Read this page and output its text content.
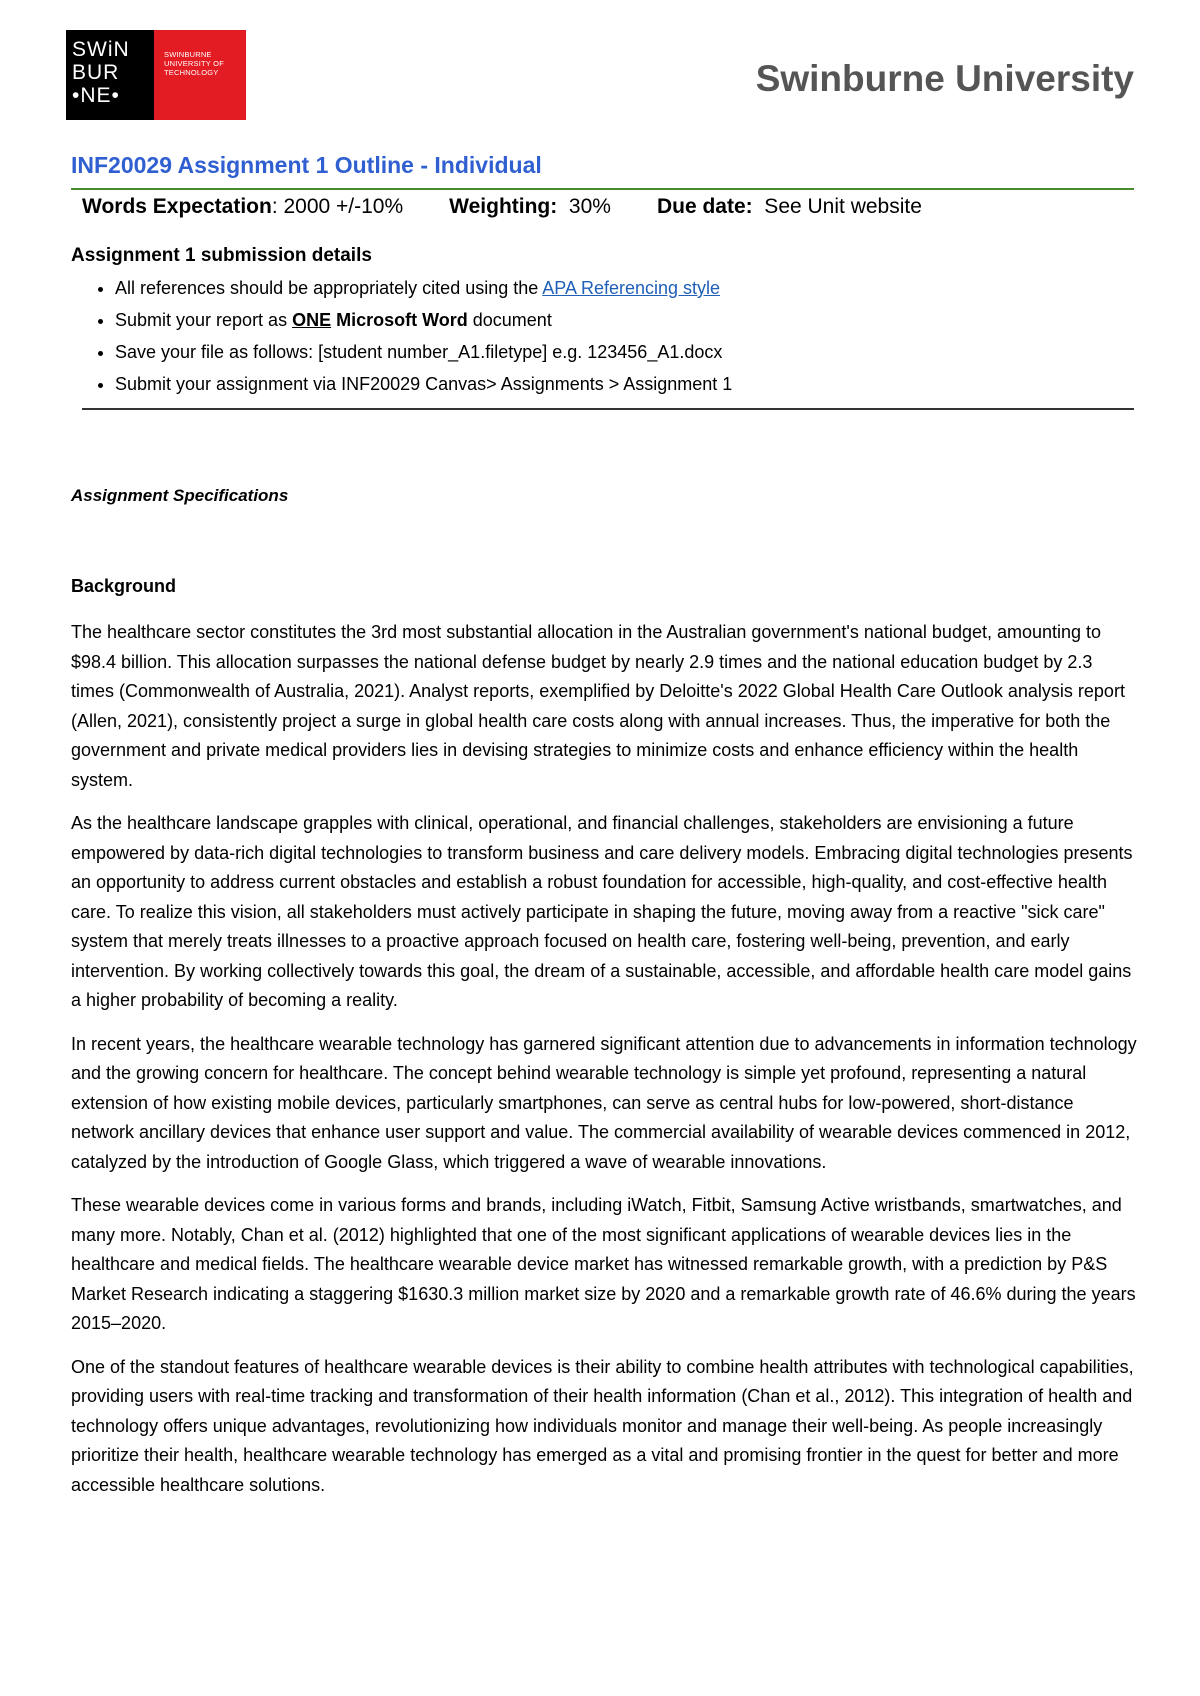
SWiN
BUR
•NE•
SWINBURNE
UNIVERSITY OF
TECHNOLOGY	Swinburne University
INF20029 Assignment 1 Outline - Individual
Words Expectation: 2000 +/-10% Weighting:  30% Due date:  See Unit website
Assignment 1 submission details
• All references should be appropriately cited using the APA Referencing style
• Submit your report as ONE Microsoft Word document
• Save your file as follows: [student number_A1.filetype] e.g. 123456_A1.docx
• Submit your assignment via INF20029 Canvas> Assignments > Assignment 1
Assignment Specifications
Background

The healthcare sector constitutes the 3rd most substantial allocation in the Australian government's national budget, amounting to $98.4 billion. This allocation surpasses the national defense budget by nearly 2.9 times and the national education budget by 2.3 times (Commonwealth of Australia, 2021). Analyst reports, exemplified by Deloitte's 2022 Global Health Care Outlook analysis report (Allen, 2021), consistently project a surge in global health care costs along with annual increases. Thus, the imperative for both the government and private medical providers lies in devising strategies to minimize costs and enhance efficiency within the health system.

As the healthcare landscape grapples with clinical, operational, and financial challenges, stakeholders are envisioning a future empowered by data-rich digital technologies to transform business and care delivery models. Embracing digital technologies presents an opportunity to address current obstacles and establish a robust foundation for accessible, high-quality, and cost-effective health care. To realize this vision, all stakeholders must actively participate in shaping the future, moving away from a reactive "sick care" system that merely treats illnesses to a proactive approach focused on health care, fostering well-being, prevention, and early intervention. By working collectively towards this goal, the dream of a sustainable, accessible, and affordable health care model gains a higher probability of becoming a reality.

In recent years, the healthcare wearable technology has garnered significant attention due to advancements in information technology and the growing concern for healthcare. The concept behind wearable technology is simple yet profound, representing a natural extension of how existing mobile devices, particularly smartphones, can serve as central hubs for low-powered, short-distance network ancillary devices that enhance user support and value. The commercial availability of wearable devices commenced in 2012, catalyzed by the introduction of Google Glass, which triggered a wave of wearable innovations.

These wearable devices come in various forms and brands, including iWatch, Fitbit, Samsung Active wristbands, smartwatches, and many more. Notably, Chan et al. (2012) highlighted that one of the most significant applications of wearable devices lies in the healthcare and medical fields. The healthcare wearable device market has witnessed remarkable growth, with a prediction by P&S Market Research indicating a staggering $1630.3 million market size by 2020 and a remarkable growth rate of 46.6% during the years 2015–2020.

One of the standout features of healthcare wearable devices is their ability to combine health attributes with technological capabilities, providing users with real-time tracking and transformation of their health information (Chan et al., 2012). This integration of health and technology offers unique advantages, revolutionizing how individuals monitor and manage their well-being. As people increasingly prioritize their health, healthcare wearable technology has emerged as a vital and promising frontier in the quest for better and more accessible healthcare solutions.
